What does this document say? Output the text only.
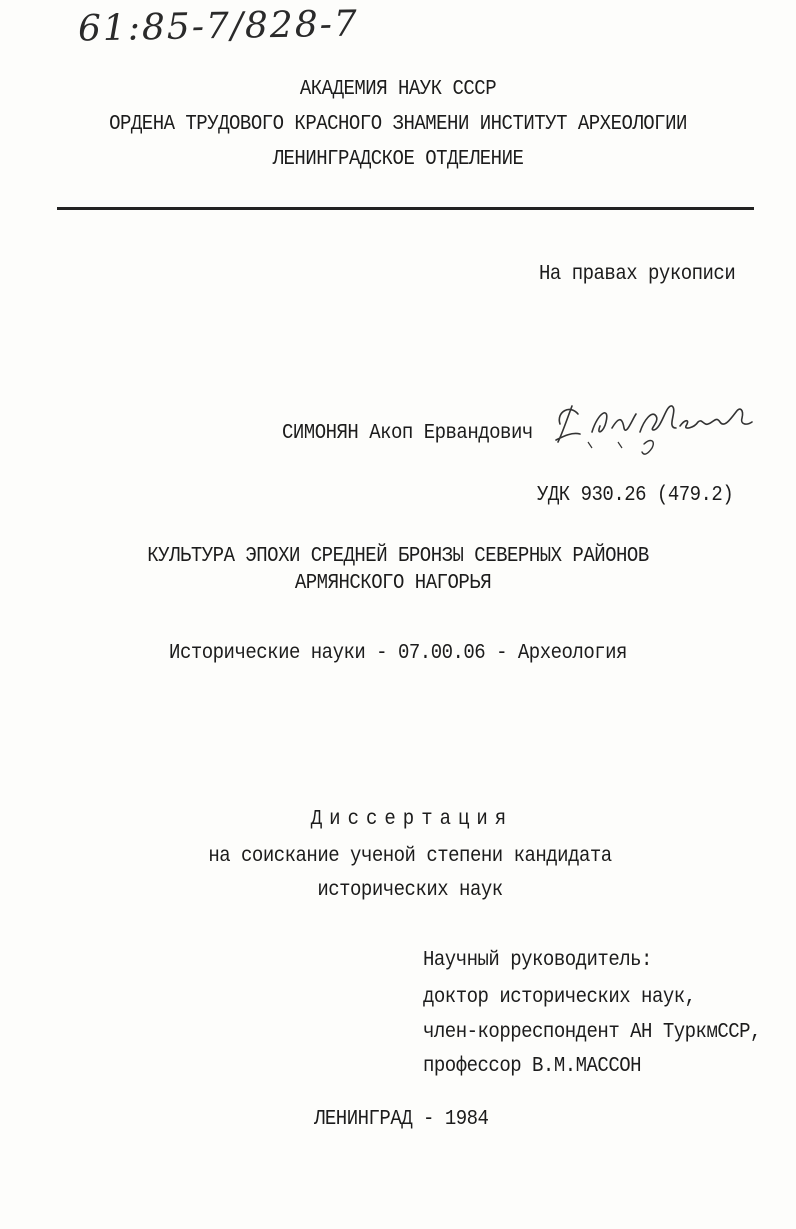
61:85-7/828-7
АКАДЕМИЯ НАУК СССР
ОРДЕНА ТРУДОВОГО КРАСНОГО ЗНАМЕНИ ИНСТИТУТ АРХЕОЛОГИИ
ЛЕНИНГРАДСКОЕ ОТДЕЛЕНИЕ
На правах рукописи
СИМОНЯН Акоп Ервандович
УДК 930.26 (479.2)
КУЛЬТУРА ЭПОХИ СРЕДНЕЙ БРОНЗЫ СЕВЕРНЫХ РАЙОНОВ
АРМЯНСКОГО НАГОРЬЯ
Исторические науки - 07.00.06 - Археология
Диссертация
на соискание ученой степени кандидата
исторических наук
Научный руководитель:
доктор исторических наук,
член-корреспондент АН ТуркмССР,
профессор В.М.МАССОН
ЛЕНИНГРАД - 1984
